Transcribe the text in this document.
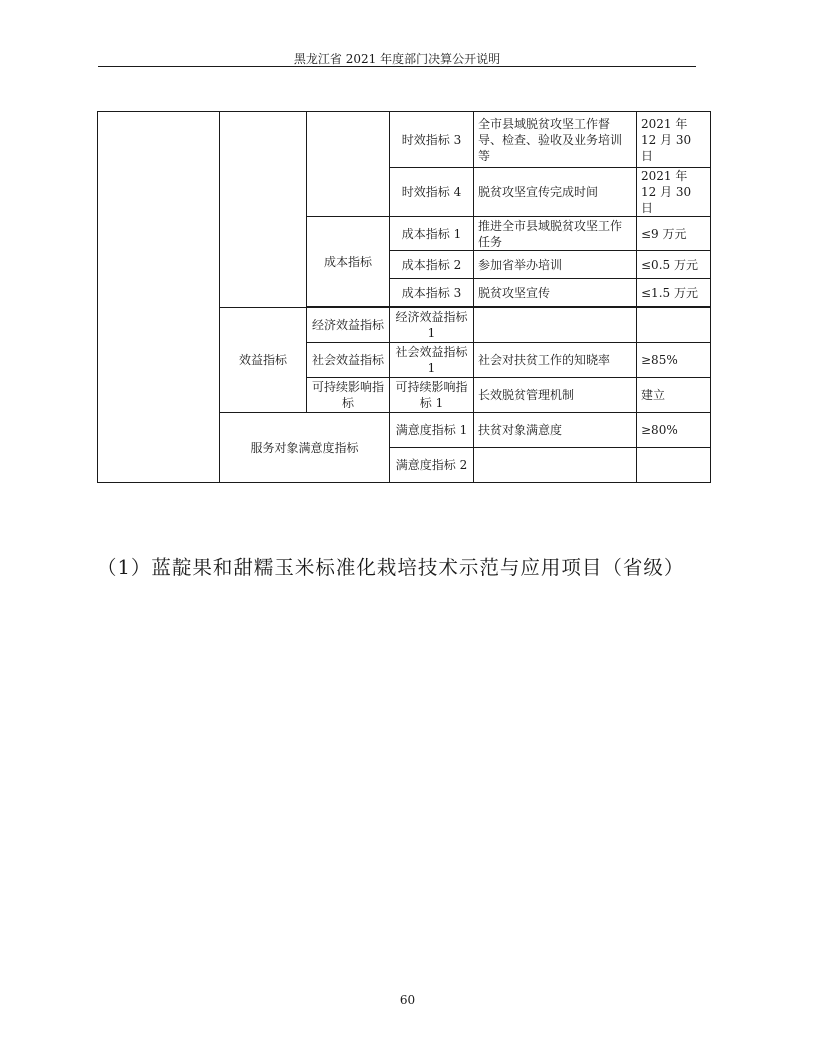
黑龙江省 2021 年度部门决算公开说明
			时效指标 3	全市县域脱贫攻坚工作督导、检查、验收及业务培训等	2021 年 12 月 30 日
			时效指标 4	脱贫攻坚宣传完成时间	2021 年 12 月 30 日
		成本指标	成本指标 1	推进全市县域脱贫攻坚工作任务	≤9 万元
			成本指标 2	参加省举办培训	≤0.5 万元
			成本指标 3	脱贫攻坚宣传	≤1.5 万元

	效益指标	经济效益指标	经济效益指标 1		
		社会效益指标	社会效益指标 1	社会对扶贫工作的知晓率	≥85%
		可持续影响指标	可持续影响指标 1	长效脱贫管理机制	建立
	服务对象满意度指标		满意度指标 1	扶贫对象满意度	≥80%
			满意度指标 2		
（1）蓝靛果和甜糯玉米标准化栽培技术示范与应用项目（省级）
60
